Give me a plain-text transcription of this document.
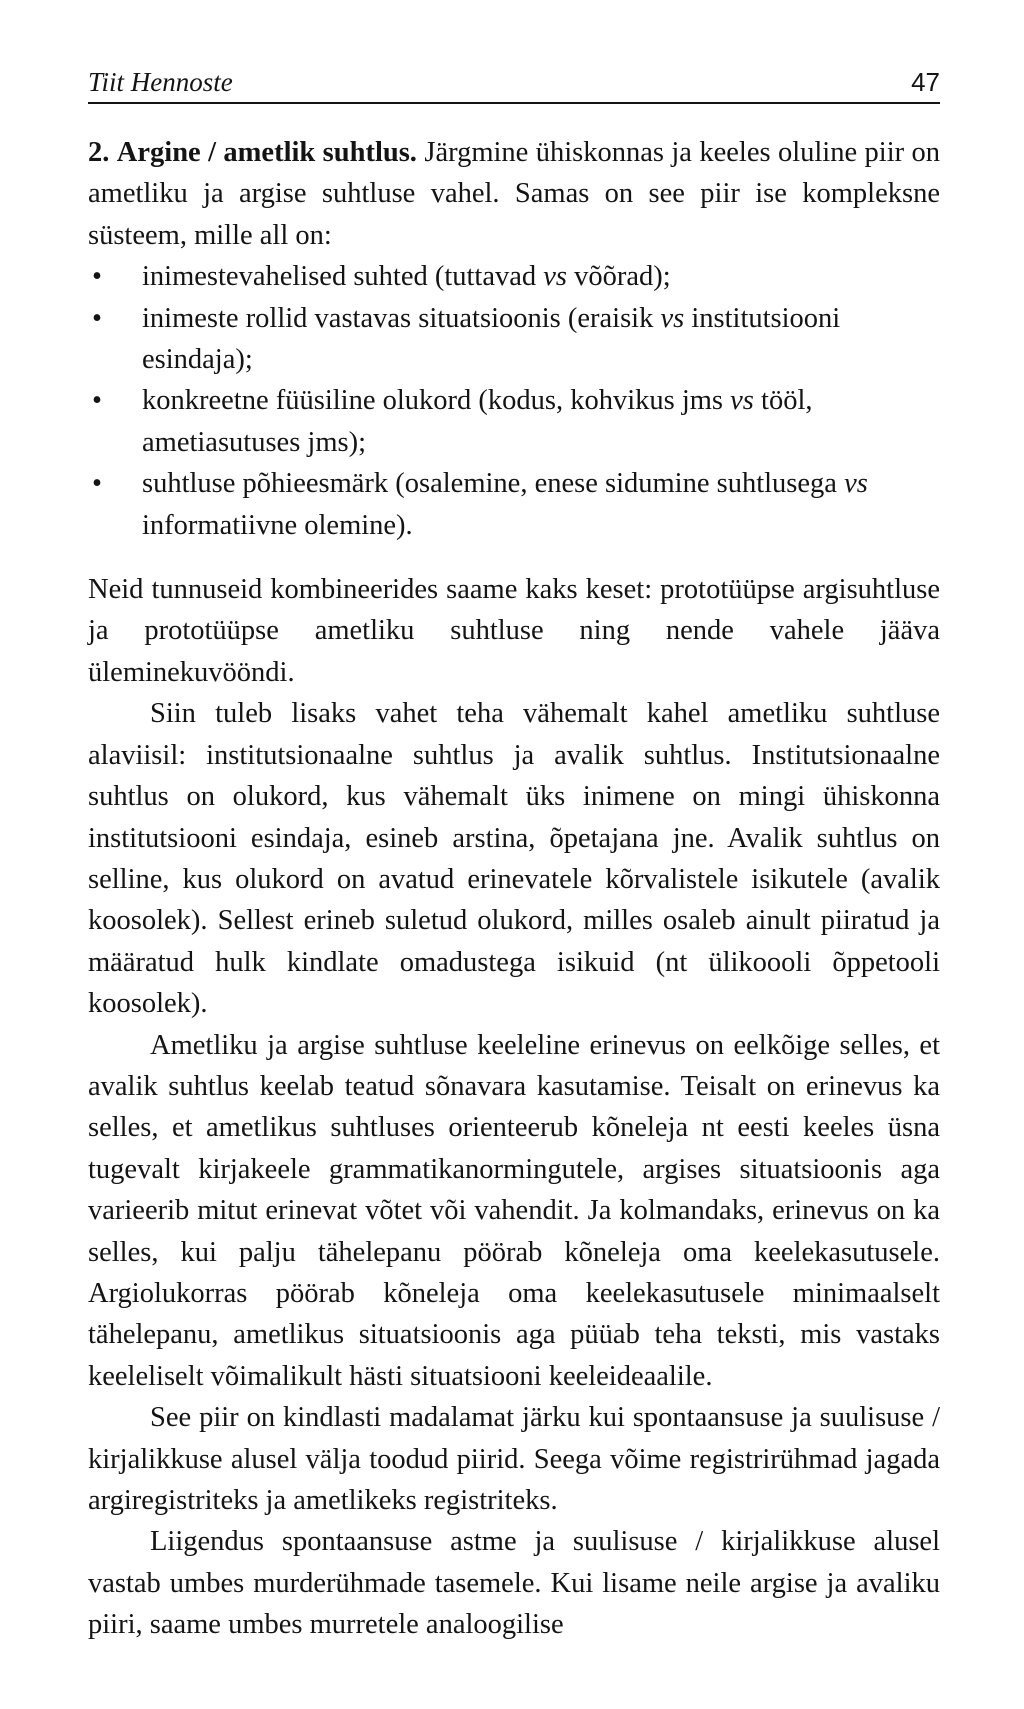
Tiit Hennoste	47

2. Argine / ametlik suhtlus. Järgmine ühiskonnas ja keeles oluline piir on ametliku ja argise suhtluse vahel. Samas on see piir ise kompleksne süsteem, mille all on:

•	inimestevahelised suhted (tuttavad vs võõrad);
•	inimeste rollid vastavas situatsioonis (eraisik vs institutsiooni esindaja);
•	konkreetne füüsiline olukord (kodus, kohvikus jms vs tööl, ametiasutuses jms);
•	suhtluse põhieesmärk (osalemine, enese sidumine suhtlusega vs informatiivne olemine).

Neid tunnuseid kombineerides saame kaks keset: prototüüpse argisuhtluse ja prototüüpse ametliku suhtluse ning nende vahele jääva üleminekuvööndi.

Siin tuleb lisaks vahet teha vähemalt kahel ametliku suhtluse alaviisil: institutsionaalne suhtlus ja avalik suhtlus. Institutsionaalne suhtlus on olukord, kus vähemalt üks inimene on mingi ühiskonna institutsiooni esindaja, esineb arstina, õpetajana jne. Avalik suhtlus on selline, kus olukord on avatud erinevatele kõrvalistele isikutele (avalik koosolek). Sellest erineb suletud olukord, milles osaleb ainult piiratud ja määratud hulk kindlate omadustega isikuid (nt ülikoooli õppetooli koosolek).

Ametliku ja argise suhtluse keeleline erinevus on eelkõige selles, et avalik suhtlus keelab teatud sõnavara kasutamise. Teisalt on erinevus ka selles, et ametlikus suhtluses orienteerub kõneleja nt eesti keeles üsna tugevalt kirjakeele grammatikanormingutele, argises situatsioonis aga varieerib mitut erinevat võtet või vahendit. Ja kolmandaks, erinevus on ka selles, kui palju tähelepanu pöörab kõneleja oma keelekasutusele. Argiolukorras pöörab kõneleja oma keelekasutusele minimaalselt tähelepanu, ametlikus situatsioonis aga püüab teha teksti, mis vastaks keeleliselt võimalikult hästi situatsiooni keeleideaalile.

See piir on kindlasti madalamat järku kui spontaansuse ja suulisuse / kirjalikkuse alusel välja toodud piirid. Seega võime registrirühmad jagada argiregistriteks ja ametlikeks registriteks.

Liigendus spontaansuse astme ja suulisuse / kirjalikkuse alusel vastab umbes murderühmade tasemele. Kui lisame neile argise ja avaliku piiri, saame umbes murretele analoogilise
